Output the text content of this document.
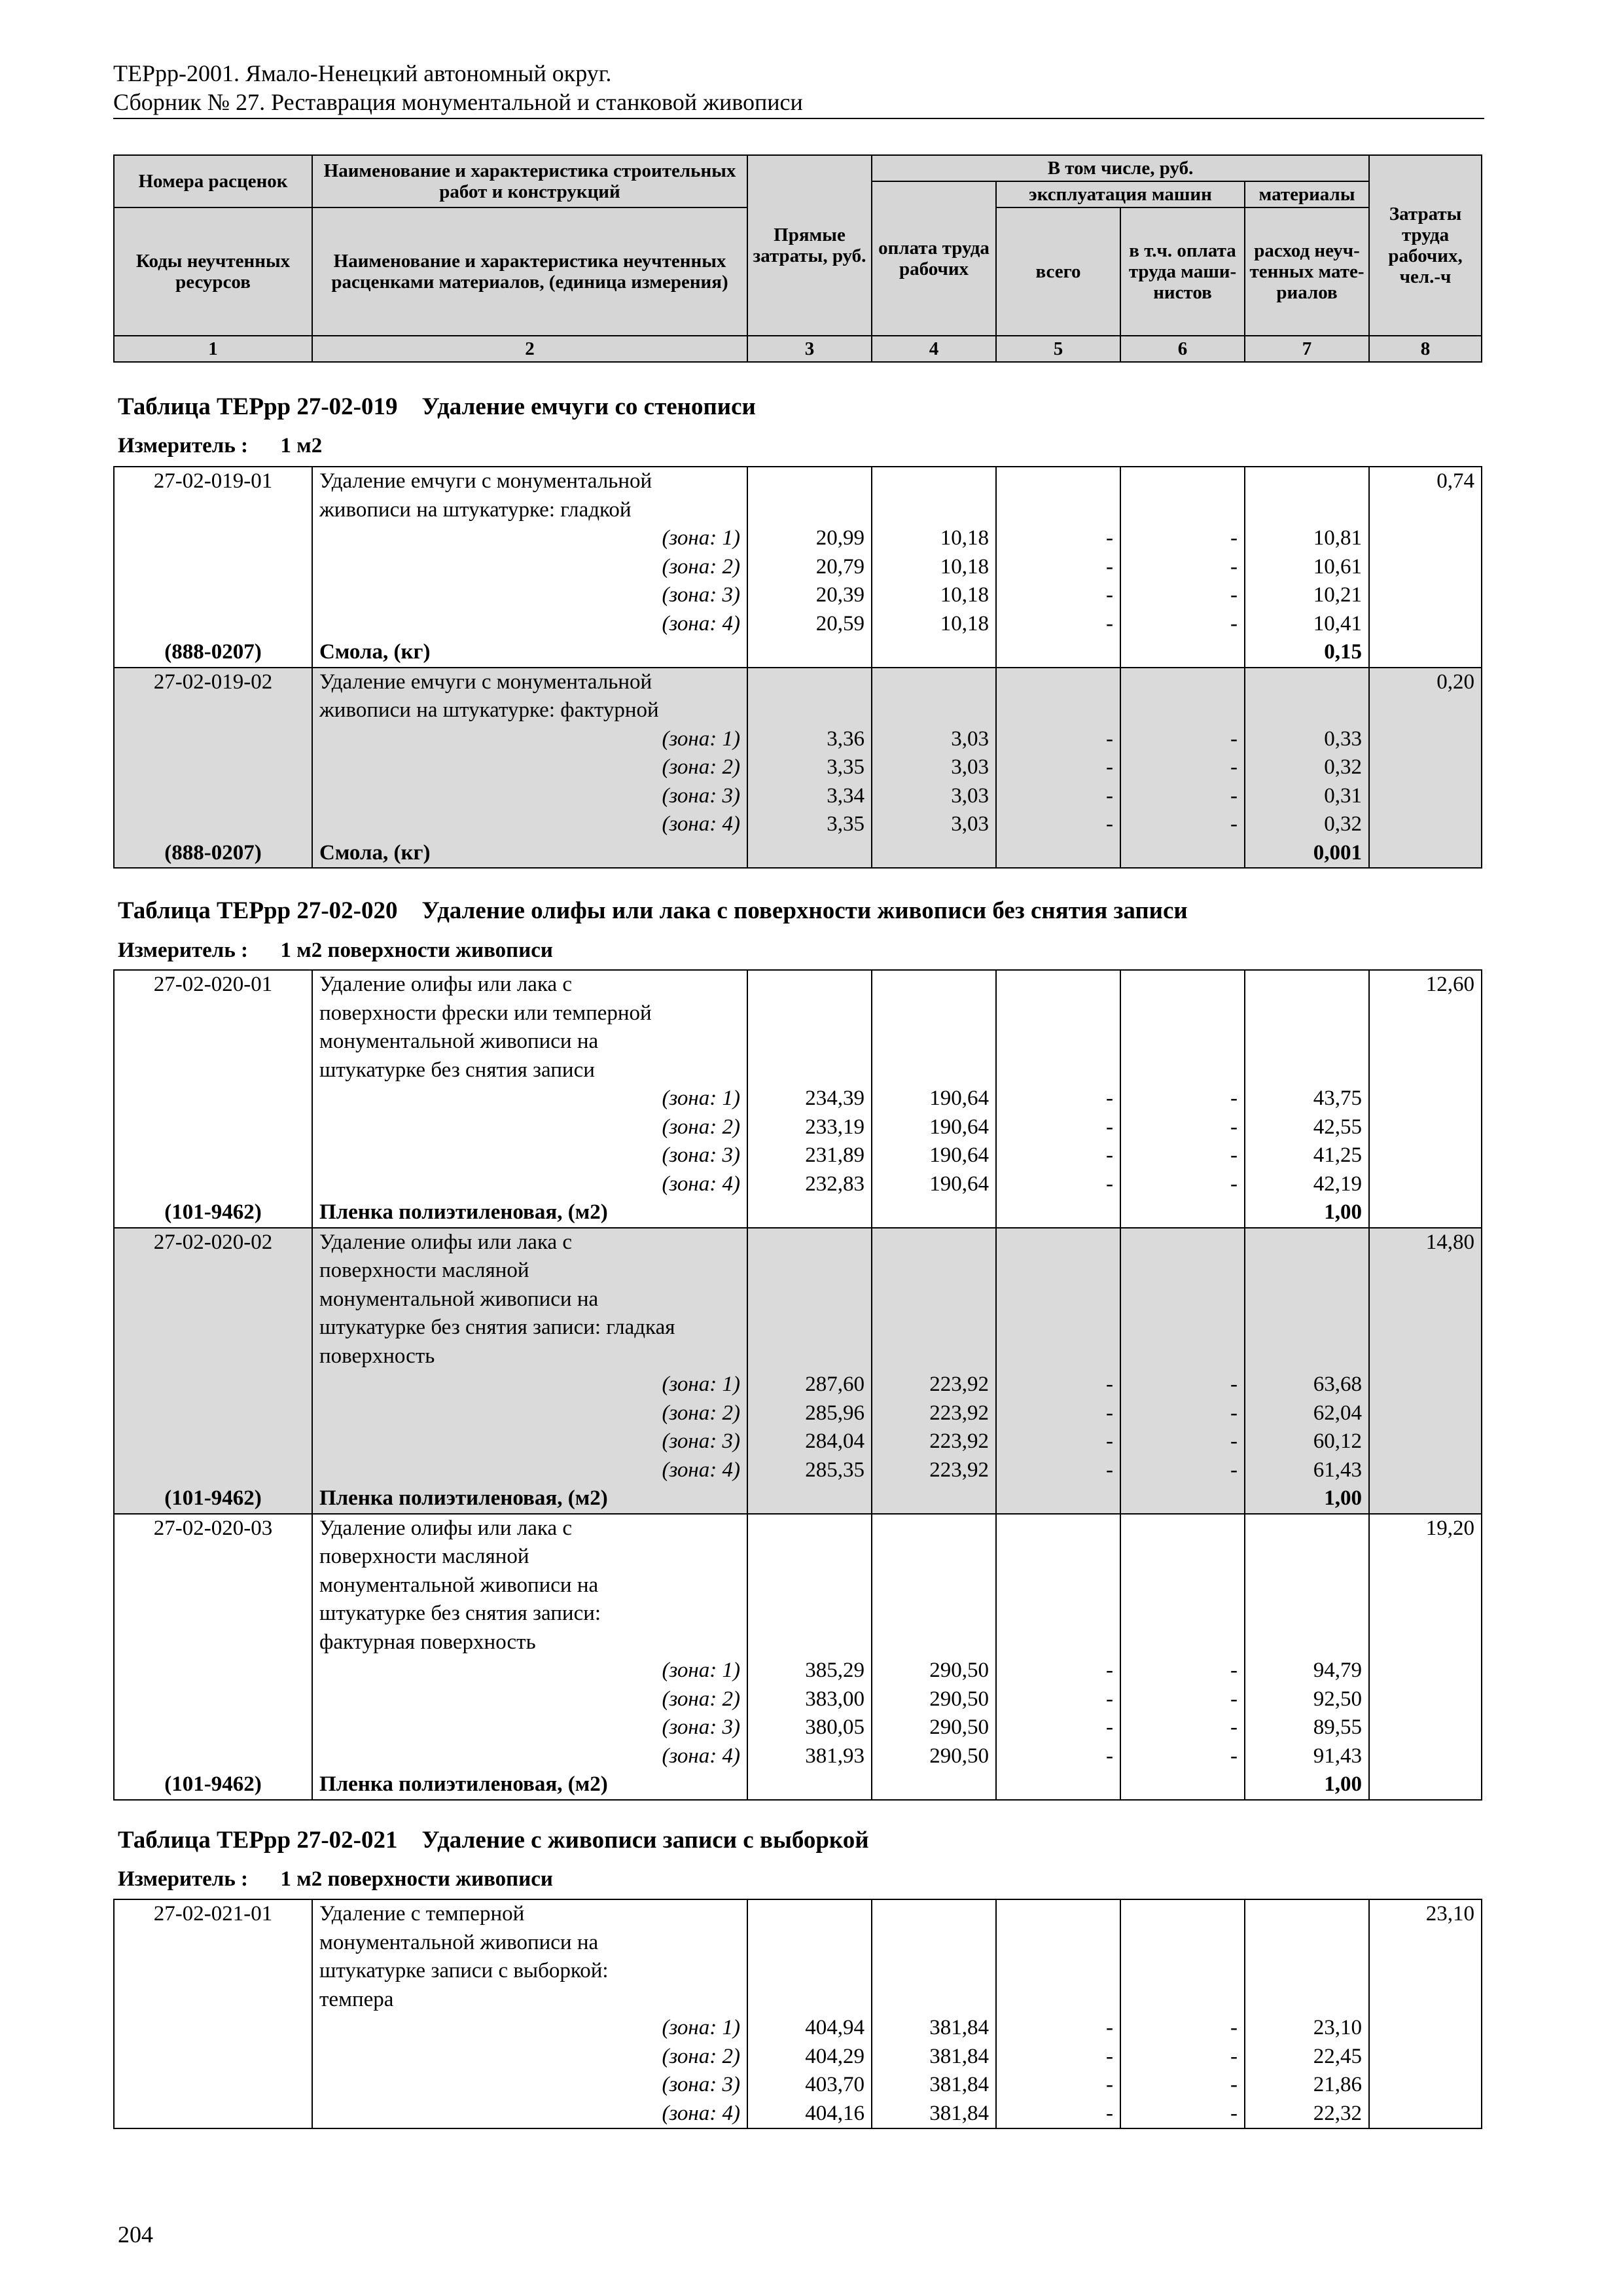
ТЕРрр-2001. Ямало-Ненецкий автономный округ.
Сборник № 27. Реставрация монументальной и станковой живописи
Номера расценок	Наименование и характеристика строительных работ и конструкций	Прямые затраты, руб.	В том числе, руб.				Затраты труда рабочих, чел.-ч
			оплата труда рабочих	эксплуатация машин		материалы	
Коды неучтенных ресурсов	Наименование и характеристика неучтенных расценками материалов, (единица измерения)			всего	в т.ч. оплата труда маши-нистов	расход неуч-тенных мате-риалов	
1	2	3	4	5	6	7	8
Таблица ТЕРрр 27-02-019    Удаление емчуги со стенописи
Измеритель :      1 м2
27-02-019-01	Удаление емчуги с монументальной						0,74
	живописи на штукатурке: гладкой						
	(зона: 1)	20,99	10,18	-	-	10,81	
	(зона: 2)	20,79	10,18	-	-	10,61	
	(зона: 3)	20,39	10,18	-	-	10,21	
	(зона: 4)	20,59	10,18	-	-	10,41	
(888-0207)	Смола, (кг)					0,15	
27-02-019-02	Удаление емчуги с монументальной						0,20
	живописи на штукатурке: фактурной						
	(зона: 1)	3,36	3,03	-	-	0,33	
	(зона: 2)	3,35	3,03	-	-	0,32	
	(зона: 3)	3,34	3,03	-	-	0,31	
	(зона: 4)	3,35	3,03	-	-	0,32	
(888-0207)	Смола, (кг)					0,001	
Таблица ТЕРрр 27-02-020    Удаление олифы или лака с поверхности живописи без снятия записи
Измеритель :      1 м2 поверхности живописи
27-02-020-01	Удаление олифы или лака с						12,60
	поверхности фрески или темперной						
	монументальной живописи на						
	штукатурке без снятия записи						
	(зона: 1)	234,39	190,64	-	-	43,75	
	(зона: 2)	233,19	190,64	-	-	42,55	
	(зона: 3)	231,89	190,64	-	-	41,25	
	(зона: 4)	232,83	190,64	-	-	42,19	
(101-9462)	Пленка полиэтиленовая, (м2)					1,00	
27-02-020-02	Удаление олифы или лака с						14,80
	поверхности масляной						
	монументальной живописи на						
	штукатурке без снятия записи: гладкая						
	поверхность						
	(зона: 1)	287,60	223,92	-	-	63,68	
	(зона: 2)	285,96	223,92	-	-	62,04	
	(зона: 3)	284,04	223,92	-	-	60,12	
	(зона: 4)	285,35	223,92	-	-	61,43	
(101-9462)	Пленка полиэтиленовая, (м2)					1,00	
27-02-020-03	Удаление олифы или лака с						19,20
	поверхности масляной						
	монументальной живописи на						
	штукатурке без снятия записи:						
	фактурная поверхность						
	(зона: 1)	385,29	290,50	-	-	94,79	
	(зона: 2)	383,00	290,50	-	-	92,50	
	(зона: 3)	380,05	290,50	-	-	89,55	
	(зона: 4)	381,93	290,50	-	-	91,43	
(101-9462)	Пленка полиэтиленовая, (м2)					1,00	
Таблица ТЕРрр 27-02-021    Удаление с живописи записи с выборкой
Измеритель :      1 м2 поверхности живописи
27-02-021-01	Удаление с темперной						23,10
	монументальной живописи на						
	штукатурке записи с выборкой:						
	темпера						
	(зона: 1)	404,94	381,84	-	-	23,10	
	(зона: 2)	404,29	381,84	-	-	22,45	
	(зона: 3)	403,70	381,84	-	-	21,86	
	(зона: 4)	404,16	381,84	-	-	22,32	
204
